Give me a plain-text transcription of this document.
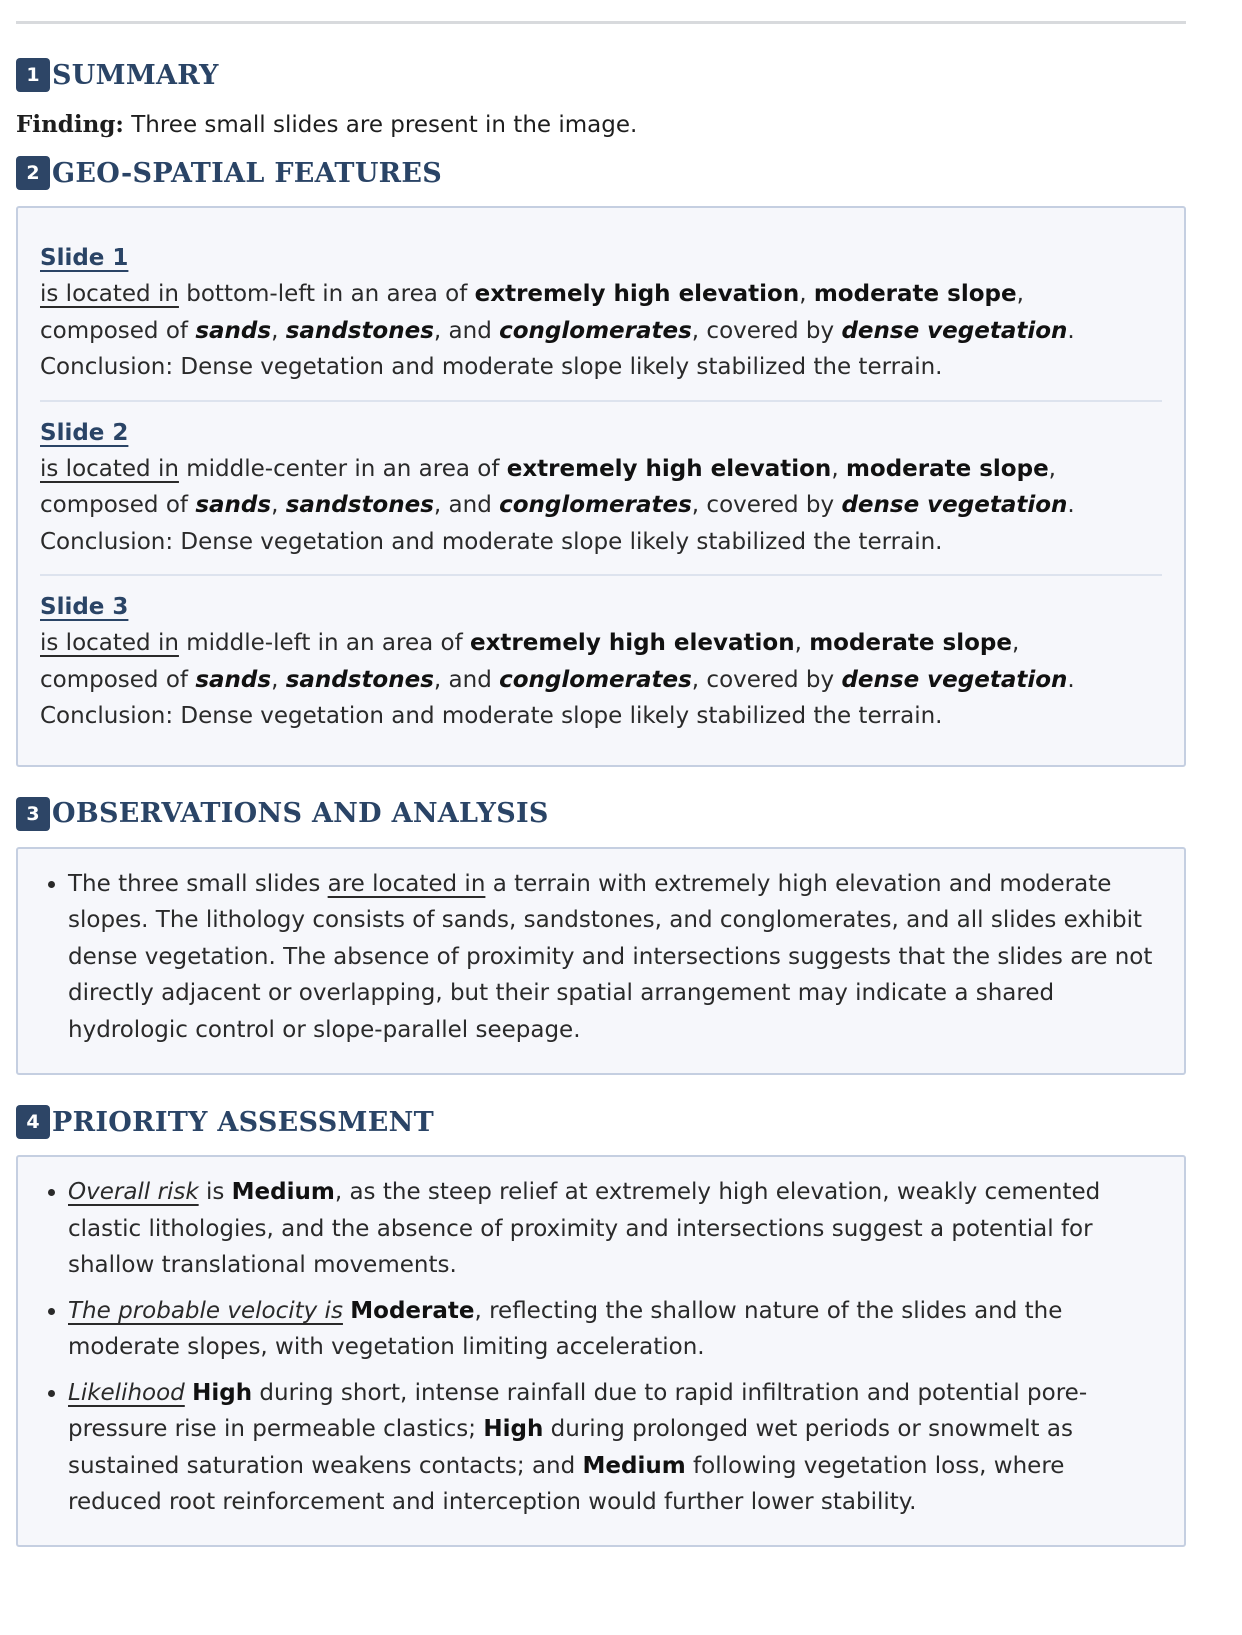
1 SUMMARY

Finding: Three small slides are present in the image.

2 GEO-SPATIAL FEATURES
Slide 1

is located in bottom-left in an area of extremely high elevation, moderate slope,
composed of sands, sandstones, and conglomerates, covered by dense vegetation.
Conclusion: Dense vegetation and moderate slope likely stabilized the terrain.

Slide 2

is located in middle-center in an area of extremely high elevation, moderate slope,
composed of sands, sandstones, and conglomerates, covered by dense vegetation.
Conclusion: Dense vegetation and moderate slope likely stabilized the terrain.

Slide 3

is located in middle-left in an area of extremely high elevation, moderate slope,
composed of sands, sandstones, and conglomerates, covered by dense vegetation.
Conclusion: Dense vegetation and moderate slope likely stabilized the terrain.

3 OBSERVATIONS AND ANALYSIS
• The three small slides are located in a terrain with extremely high elevation and moderate slopes. The lithology consists of sands, sandstones, and conglomerates, and all slides exhibit dense vegetation. The absence of proximity and intersections suggests that the slides are not directly adjacent or overlapping, but their spatial arrangement may indicate a shared hydrologic control or slope-parallel seepage.
4 PRIORITY ASSESSMENT
• Overall risk is Medium, as the steep relief at extremely high elevation, weakly cemented clastic lithologies, and the absence of proximity and intersections suggest a potential for shallow translational movements.
• The probable velocity is Moderate, reflecting the shallow nature of the slides and the moderate slopes, with vegetation limiting acceleration.
• Likelihood High during short, intense rainfall due to rapid infiltration and potential pore-pressure rise in permeable clastics; High during prolonged wet periods or snowmelt as sustained saturation weakens contacts; and Medium following vegetation loss, where reduced root reinforcement and interception would further lower stability.
